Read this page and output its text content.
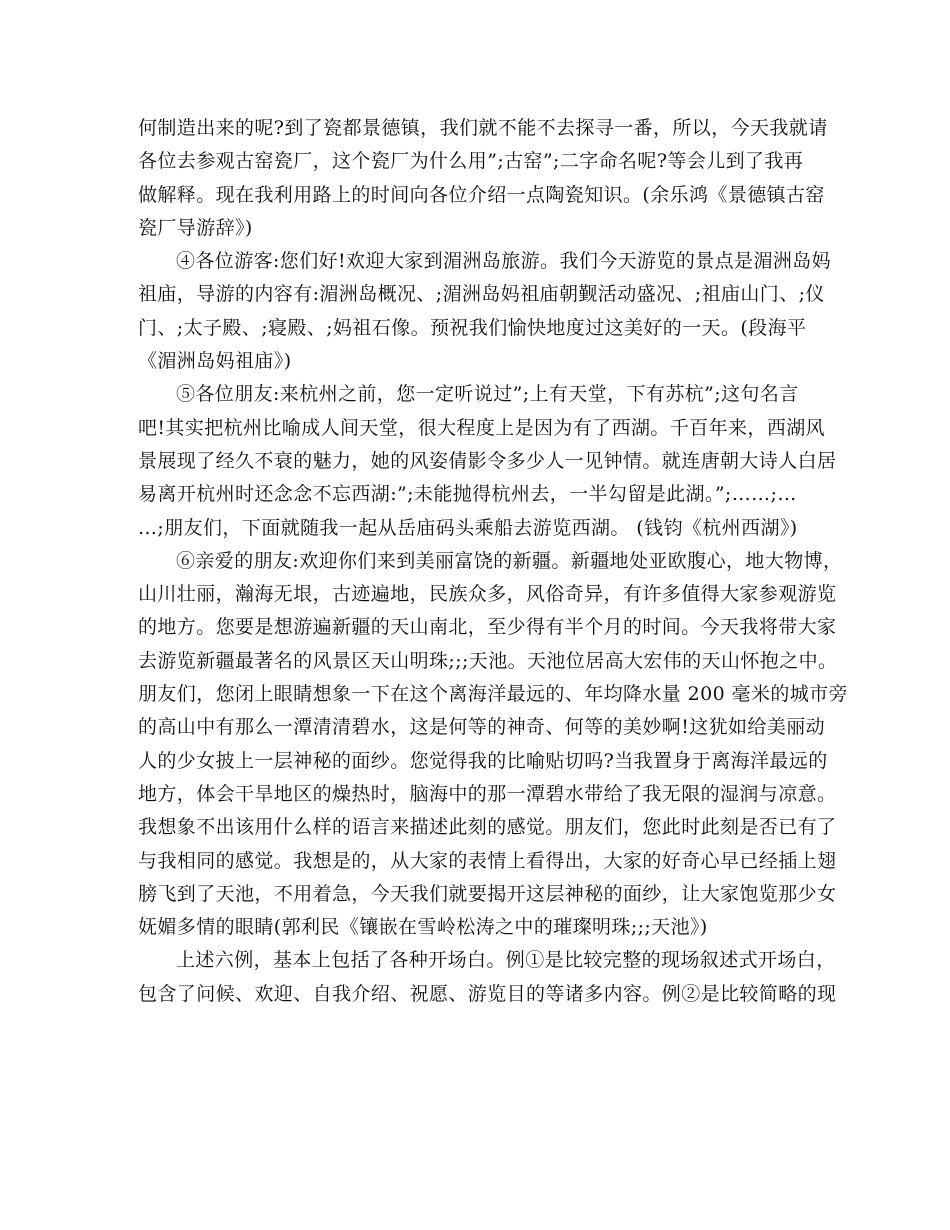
何制造出来的呢?到了瓷都景德镇，我们就不能不去探寻一番，所以，今天我就请
各位去参观古窑瓷厂，这个瓷厂为什么用”;古窑”;二字命名呢?等会儿到了我再
做解释。现在我利用路上的时间向各位介绍一点陶瓷知识。(余乐鸿《景德镇古窑
瓷厂导游辞》)
④各位游客:您们好!欢迎大家到湄洲岛旅游。我们今天游览的景点是湄洲岛妈
祖庙，导游的内容有:湄洲岛概况、;湄洲岛妈祖庙朝觐活动盛况、;祖庙山门、;仪
门、;太子殿、;寝殿、;妈祖石像。预祝我们愉快地度过这美好的一天。(段海平
《湄洲岛妈祖庙》)
⑤各位朋友:来杭州之前，您一定听说过”;上有天堂，下有苏杭”;这句名言
吧!其实把杭州比喻成人间天堂，很大程度上是因为有了西湖。千百年来，西湖风
景展现了经久不衰的魅力，她的风姿倩影令多少人一见钟情。就连唐朝大诗人白居
易离开杭州时还念念不忘西湖:”;未能抛得杭州去，一半勾留是此湖。”;……;…
…;朋友们，下面就随我一起从岳庙码头乘船去游览西湖。 (钱钧《杭州西湖》)
⑥亲爱的朋友:欢迎你们来到美丽富饶的新疆。新疆地处亚欧腹心，地大物博，
山川壮丽，瀚海无垠，古迹遍地，民族众多，风俗奇异，有许多值得大家参观游览
的地方。您要是想游遍新疆的天山南北，至少得有半个月的时间。今天我将带大家
去游览新疆最著名的风景区天山明珠;;;天池。天池位居高大宏伟的天山怀抱之中。
朋友们，您闭上眼睛想象一下在这个离海洋最远的、年均降水量 200 毫米的城市旁
的高山中有那么一潭清清碧水，这是何等的神奇、何等的美妙啊!这犹如给美丽动
人的少女披上一层神秘的面纱。您觉得我的比喻贴切吗?当我置身于离海洋最远的
地方，体会干旱地区的燥热时，脑海中的那一潭碧水带给了我无限的湿润与凉意。
我想象不出该用什么样的语言来描述此刻的感觉。朋友们，您此时此刻是否已有了
与我相同的感觉。我想是的，从大家的表情上看得出，大家的好奇心早已经插上翅
膀飞到了天池，不用着急，今天我们就要揭开这层神秘的面纱，让大家饱览那少女
妩媚多情的眼睛(郭利民《镶嵌在雪岭松涛之中的璀璨明珠;;;天池》)
上述六例，基本上包括了各种开场白。例①是比较完整的现场叙述式开场白，
包含了问候、欢迎、自我介绍、祝愿、游览目的等诸多内容。例②是比较简略的现
